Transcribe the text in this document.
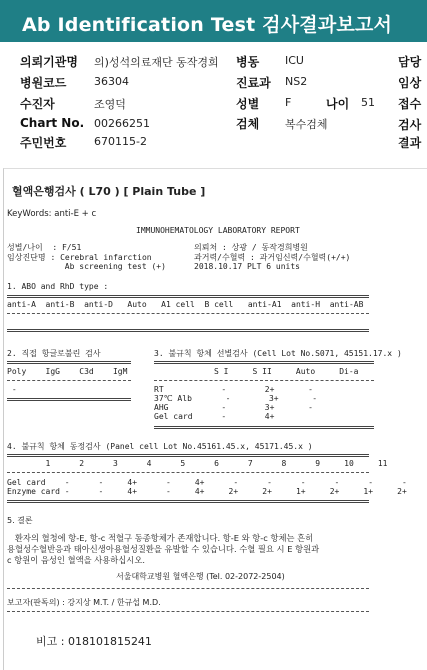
Ab Identification Test 검사결과보고서
의뢰기관명 의)성석의료재단 동작경희 병동 ICU	담당
병원코드	36304	진료과 NS2	임상
수진자	조영덕	성별 F	나이 51 접수
Chart No. 00266251	검체 복수검체	검사
주민번호	670115-2	결과
혈액은행검사 ( L70 ) [ Plain Tube ]
KeyWords: anti-E + c
IMMUNOHEMATOLOGY LABORATORY REPORT
성별/나이  : F/51
임상진단명 : Cerebral infarction
Ab screening test (+)
의뢰처 : 상광 / 동작경희병원
과거력/수혈력 : 과거임신력/수혈력(+/+)
2018.10.17 PLT 6 units
1. ABO and RhD type :
anti-A  anti-B  anti-D   Auto   A1 cell  B cell   anti-A1  anti-H  anti-AB
2. 직접 항글로불린 검사	3. 불규칙 항체 선별검사 (Cell Lot No.S071, 45151.17.x )
Poly    IgG    C3d    IgM	S I     S II     Auto     Di-a
-	RT            -        2+       -
37℃ Alb       -        3+       -
AHG           -        3+       -
Gel card      -        4+
4. 불규칙 항체 동정검사 (Panel cell Lot No.45161.45.x, 45171.45.x )
1      2      3      4      5      6      7      8      9     10     11
Gel card    -      -     4+      -     4+      -      -      -      -      -      -
Enzyme card -      -     4+      -     4+     2+     2+     1+     2+     1+     2+
5. 결론
환자의 혈청에 항-E, 항-c 적혈구 동종항체가 존재합니다. 항-E 와 항-c 항체는 흔히
용혈성수혈반응과 태아신생아용혈성질환을 유발할 수 있습니다. 수혈 필요 시 E 항원과
c 항원이 음성인 혈액을 사용하십시오.
서울대학교병원 혈액은행 (Tel. 02-2072-2504)
보고자(판독의) : 강지상 M.T. / 한규섭 M.D.
비고 : 018101815241
